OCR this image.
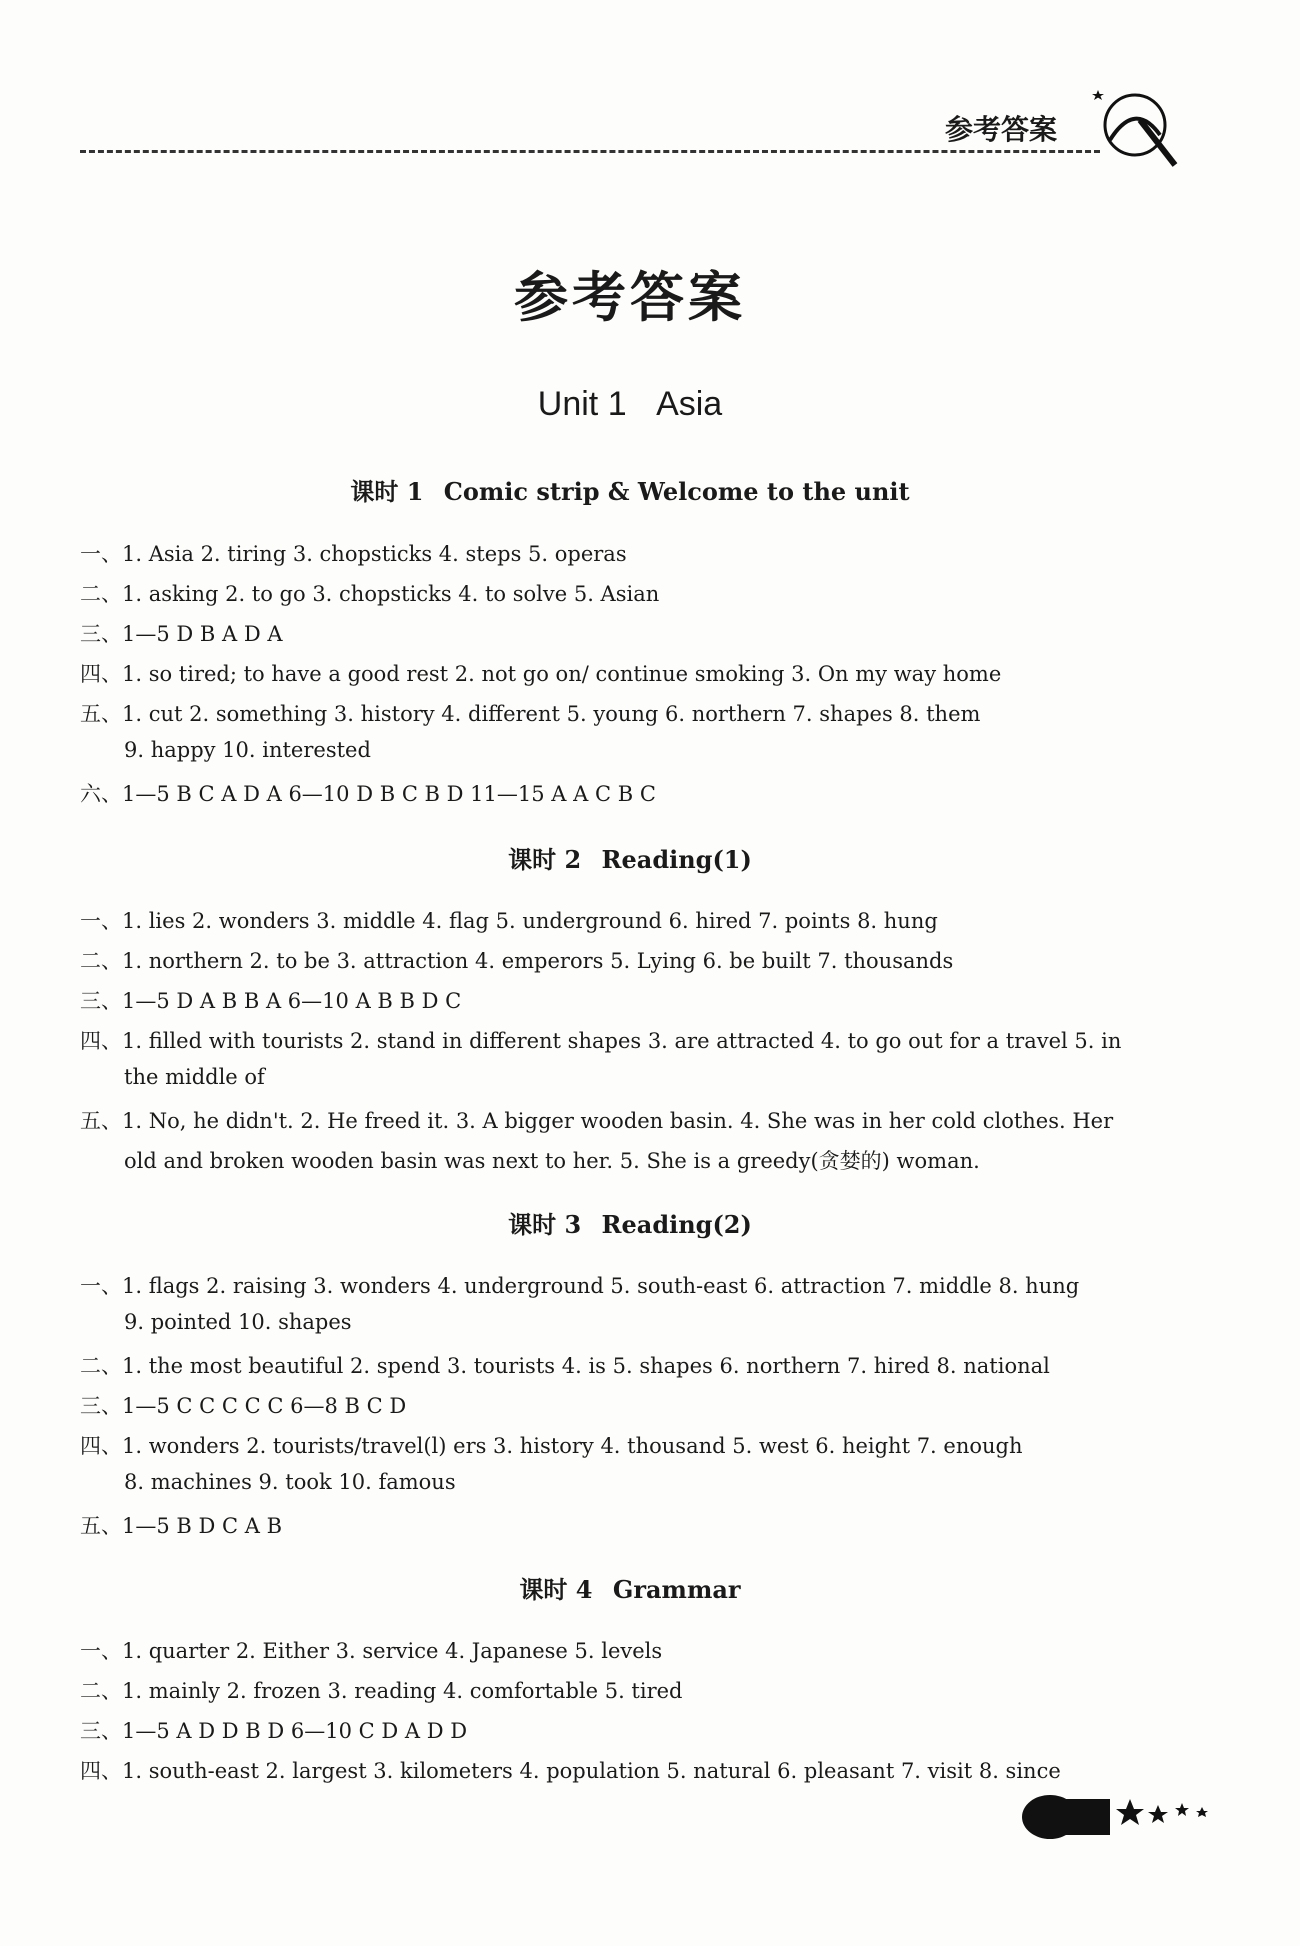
参考答案
参考答案
Unit 1 Asia
课时 1 Comic strip & Welcome to the unit
一、1. Asia 2. tiring 3. chopsticks 4. steps 5. operas
二、1. asking 2. to go 3. chopsticks 4. to solve 5. Asian
三、1—5 D B A D A
四、1. so tired; to have a good rest 2. not go on/ continue smoking 3. On my way home
五、1. cut 2. something 3. history 4. different 5. young 6. northern 7. shapes 8. them
9. happy 10. interested
六、1—5 B C A D A 6—10 D B C B D 11—15 A A C B C
课时 2 Reading(1)
一、1. lies 2. wonders 3. middle 4. flag 5. underground 6. hired 7. points 8. hung
二、1. northern 2. to be 3. attraction 4. emperors 5. Lying 6. be built 7. thousands
三、1—5 D A B B A 6—10 A B B D C
四、1. filled with tourists 2. stand in different shapes 3. are attracted 4. to go out for a travel 5. in
the middle of
五、1. No, he didn't. 2. He freed it. 3. A bigger wooden basin. 4. She was in her cold clothes. Her
old and broken wooden basin was next to her. 5. She is a greedy(贪婪的) woman.
课时 3 Reading(2)
一、1. flags 2. raising 3. wonders 4. underground 5. south-east 6. attraction 7. middle 8. hung
9. pointed 10. shapes
二、1. the most beautiful 2. spend 3. tourists 4. is 5. shapes 6. northern 7. hired 8. national
三、1—5 C C C C C 6—8 B C D
四、1. wonders 2. tourists/travel(l) ers 3. history 4. thousand 5. west 6. height 7. enough
8. machines 9. took 10. famous
五、1—5 B D C A B
课时 4 Grammar
一、1. quarter 2. Either 3. service 4. Japanese 5. levels
二、1. mainly 2. frozen 3. reading 4. comfortable 5. tired
三、1—5 A D D B D 6—10 C D A D D
四、1. south-east 2. largest 3. kilometers 4. population 5. natural 6. pleasant 7. visit 8. since
